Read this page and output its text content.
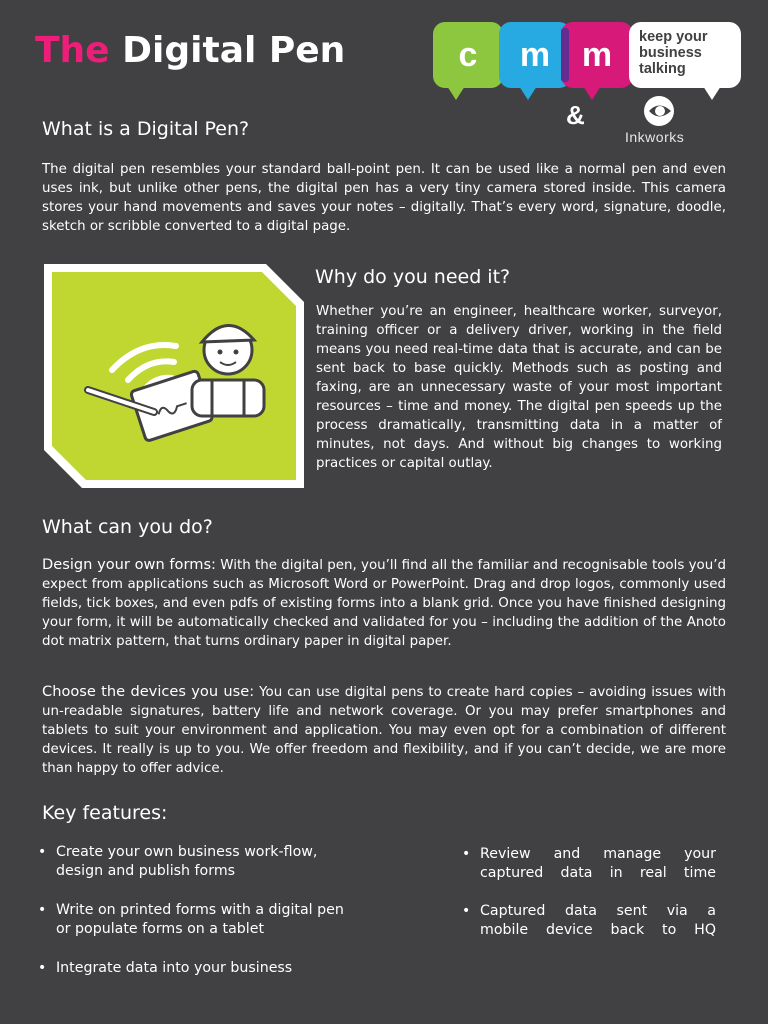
The Digital Pen	c m m keep your
business
talking
&
Inkworks
What is a Digital Pen?

The digital pen resembles your standard ball-point pen. It can be used like a normal pen and even uses ink, but unlike other pens, the digital pen has a very tiny camera stored inside. This camera stores your hand movements and saves your notes – digitally. That’s every word, signature, doodle, sketch or scribble converted to a digital page.

Why do you need it?

Whether you’re an engineer, healthcare worker, surveyor, training officer or a delivery driver, working in the field means you need real-time data that is accurate, and can be sent back to base quickly. Methods such as posting and faxing, are an unnecessary waste of your most important resources – time and money. The digital pen speeds up the process dramatically, transmitting data in a matter of minutes, not days. And without big changes to working practices or capital outlay.

What can you do?

Design your own forms: With the digital pen, you’ll find all the familiar and recognisable tools you’d expect from applications such as Microsoft Word or PowerPoint. Drag and drop logos, commonly used fields, tick boxes, and even pdfs of existing forms into a blank grid. Once you have finished designing your form, it will be automatically checked and validated for you – including the addition of the Anoto dot matrix pattern, that turns ordinary paper in digital paper.

Choose the devices you use: You can use digital pens to create hard copies – avoiding issues with un-readable signatures, battery life and network coverage. Or you may prefer smartphones and tablets to suit your environment and application. You may even opt for a combination of different devices. It really is up to you. We offer freedom and flexibility, and if you can’t decide, we are more than happy to offer advice.

Key features:
• Create your own business work-flow,
design and publish forms
• Write on printed forms with a digital pen
or populate forms on a tablet
• Integrate data into your business
• Review and manage your
captured data in real time
• Captured data sent via a
mobile device back to HQ
